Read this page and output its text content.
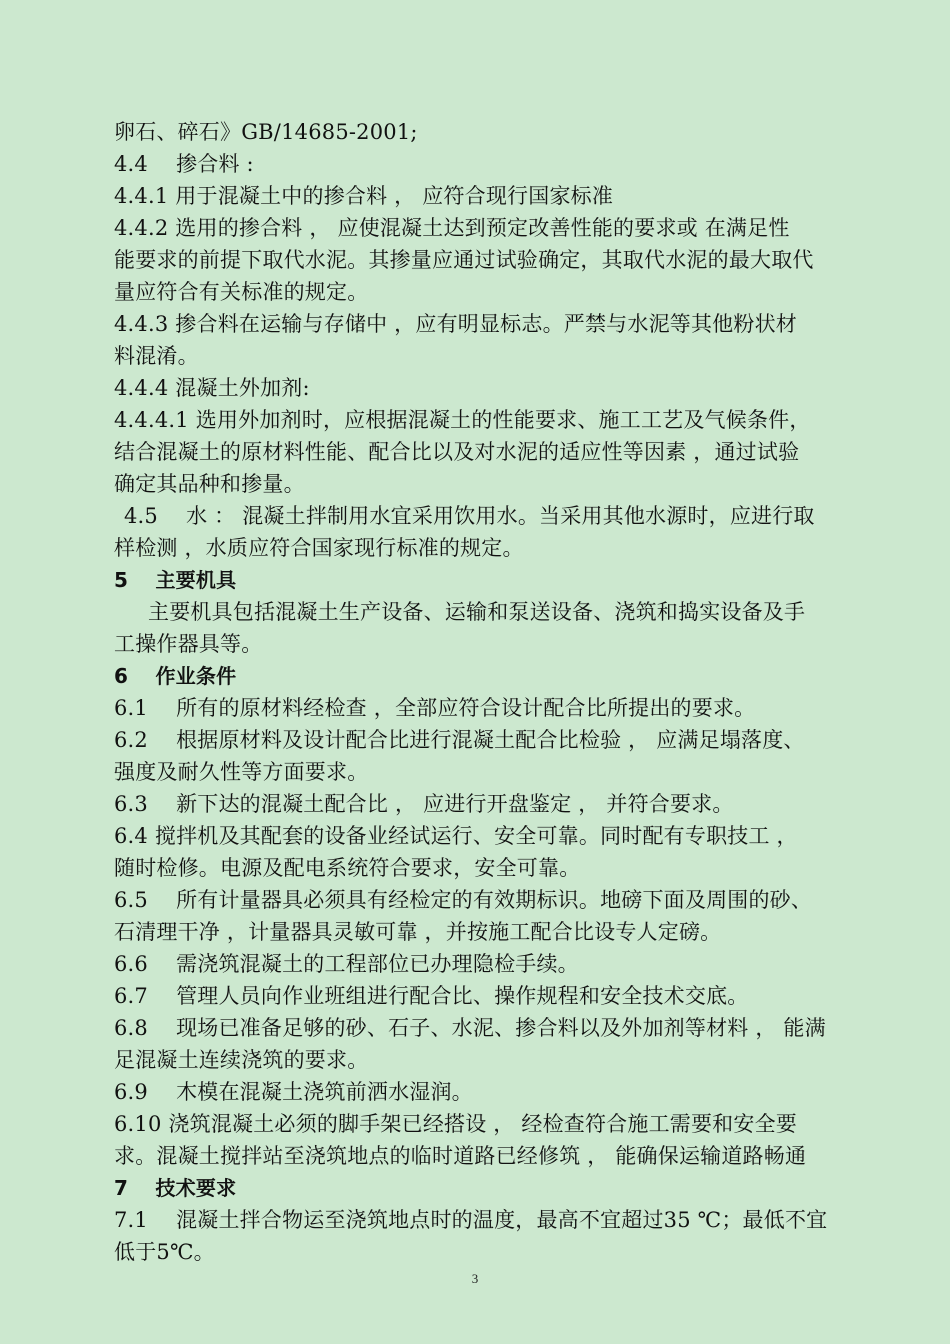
卵石、碎石》GB/14685-2001;
4.4　 掺合料 :
4.4.1 用于混凝土中的掺合料 ， 应符合现行国家标准
4.4.2 选用的掺合料 ， 应使混凝土达到预定改善性能的要求或 在满足性
能要求的前提下取代水泥。其掺量应通过试验确定，其取代水泥的最大取代
量应符合有关标准的规定。
4.4.3 掺合料在运输与存储中 ，应有明显标志。严禁与水泥等其他粉状材
料混淆。
4.4.4 混凝土外加剂:
4.4.4.1 选用外加剂时，应根据混凝土的性能要求、施工工艺及气候条件，
结合混凝土的原材料性能、配合比以及对水泥的适应性等因素 ，通过试验
确定其品种和掺量。
4.5　 水 ： 混凝土拌制用水宜采用饮用水。当采用其他水源时，应进行取
样检测 ，水质应符合国家现行标准的规定。
5　 主要机具
主要机具包括混凝土生产设备、运输和泵送设备、浇筑和捣实设备及手
工操作器具等。
6　 作业条件
6.1　 所有的原材料经检查 ，全部应符合设计配合比所提出的要求。
6.2　 根据原材料及设计配合比进行混凝土配合比检验 ， 应满足塌落度、
强度及耐久性等方面要求。
6.3　 新下达的混凝土配合比 ， 应进行开盘鉴定 ， 并符合要求。
6.4 搅拌机及其配套的设备业经试运行、安全可靠。同时配有专职技工 ，
随时检修。电源及配电系统符合要求，安全可靠。
6.5　 所有计量器具必须具有经检定的有效期标识。地磅下面及周围的砂、
石清理干净 ，计量器具灵敏可靠 ，并按施工配合比设专人定磅。
6.6　 需浇筑混凝土的工程部位已办理隐检手续。
6.7　 管理人员向作业班组进行配合比、操作规程和安全技术交底。
6.8　 现场已准备足够的砂、石子、水泥、掺合料以及外加剂等材料 ， 能满
足混凝土连续浇筑的要求。
6.9　 木模在混凝土浇筑前洒水湿润。
6.10 浇筑混凝土必须的脚手架已经搭设 ， 经检查符合施工需要和安全要
求。混凝土搅拌站至浇筑地点的临时道路已经修筑 ， 能确保运输道路畅通
7　 技术要求
7.1　 混凝土拌合物运至浇筑地点时的温度，最高不宜超过35 ℃；最低不宜
低于5℃。
3
